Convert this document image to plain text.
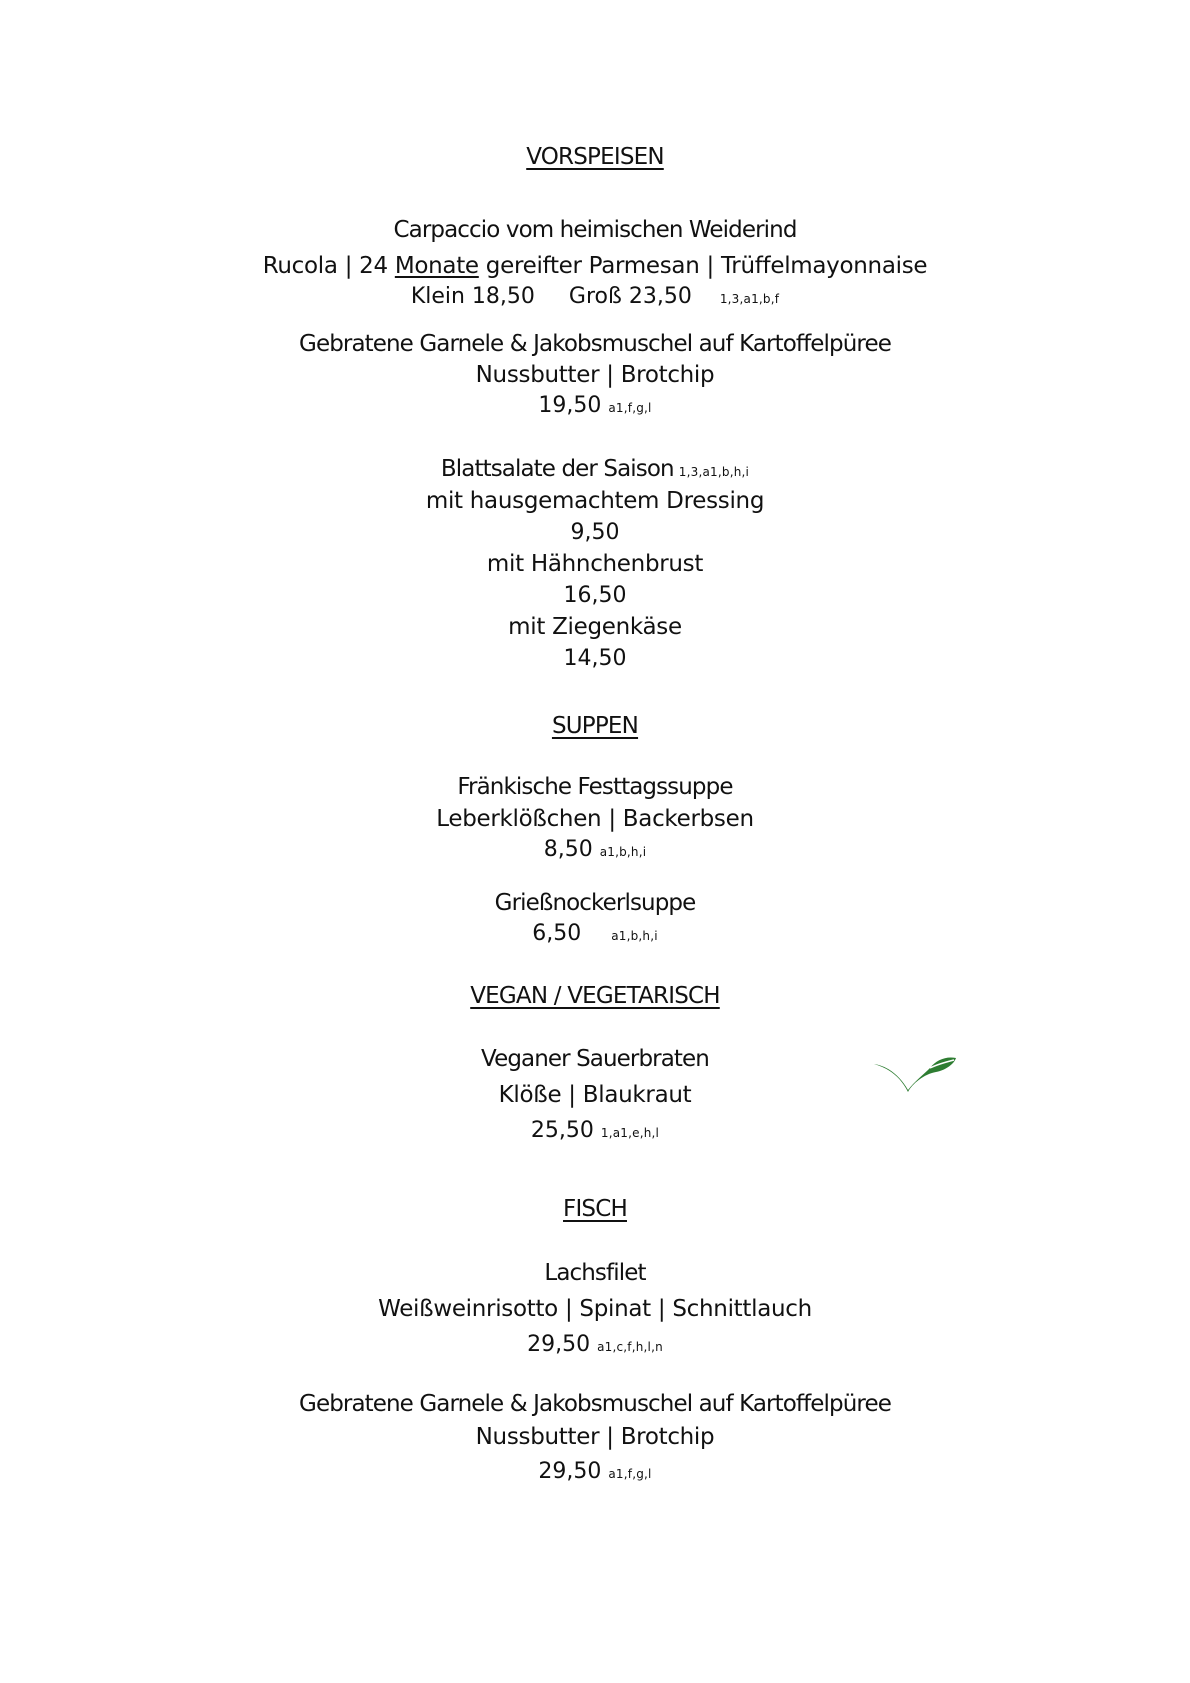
VORSPEISEN
Carpaccio vom heimischen Weiderind
Rucola | 24 Monate gereifter Parmesan | Trüffelmayonnaise
Klein 18,50 Groß 23,50 1,3,a1,b,f
Gebratene Garnele & Jakobsmuschel auf Kartoffelpüree
Nussbutter | Brotchip
19,50 a1,f,g,l
Blattsalate der Saison 1,3,a1,b,h,i
mit hausgemachtem Dressing
9,50
mit Hähnchenbrust
16,50
mit Ziegenkäse
14,50
SUPPEN
Fränkische Festtagssuppe
Leberklößchen | Backerbsen
8,50 a1,b,h,i
Grießnockerlsuppe
6,50	a1,b,h,i
VEGAN / VEGETARISCH
Veganer Sauerbraten
Klöße | Blaukraut
25,50 1,a1,e,h,l
FISCH
Lachsfilet
Weißweinrisotto | Spinat | Schnittlauch
29,50 a1,c,f,h,l,n
Gebratene Garnele & Jakobsmuschel auf Kartoffelpüree
Nussbutter | Brotchip
29,50 a1,f,g,l
